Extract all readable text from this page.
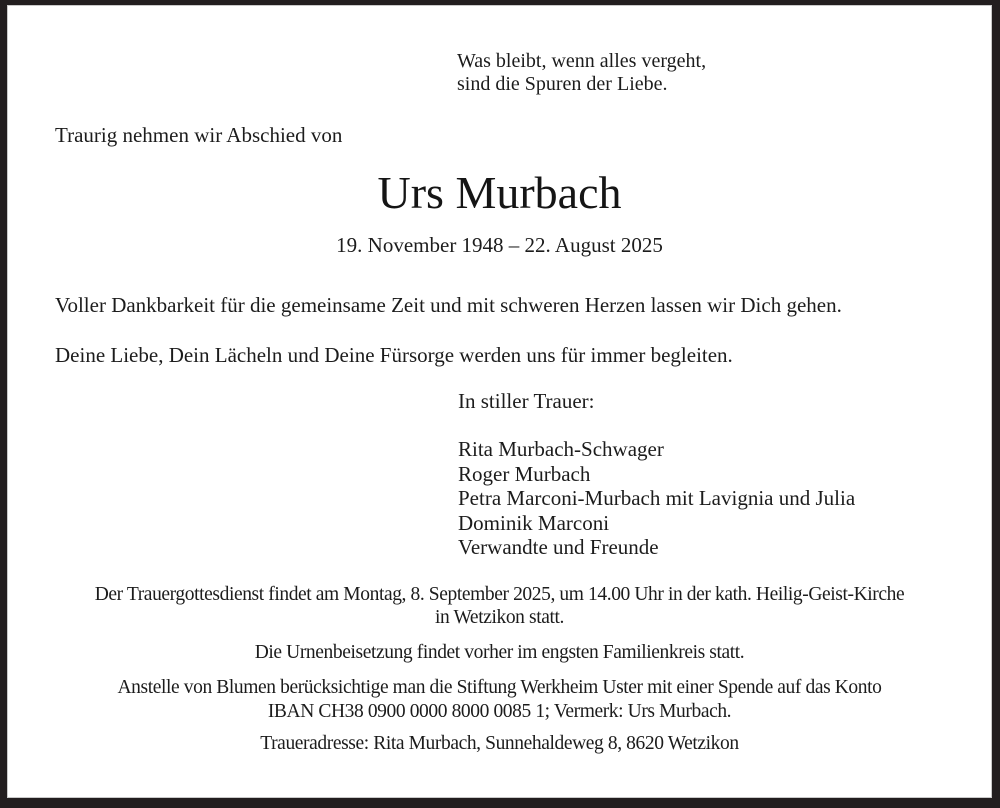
Was bleibt, wenn alles vergeht,
sind die Spuren der Liebe.
Traurig nehmen wir Abschied von
Urs Murbach
19. November 1948 – 22. August 2025
Voller Dankbarkeit für die gemeinsame Zeit und mit schweren Herzen lassen wir Dich gehen.
Deine Liebe, Dein Lächeln und Deine Fürsorge werden uns für immer begleiten.
In stiller Trauer:
Rita Murbach-Schwager
Roger Murbach
Petra Marconi-Murbach mit Lavignia und Julia
Dominik Marconi
Verwandte und Freunde
Der Trauergottesdienst findet am Montag, 8. September 2025, um 14.00 Uhr in der kath. Heilig-Geist-Kirche
in Wetzikon statt.
Die Urnenbeisetzung findet vorher im engsten Familienkreis statt.
Anstelle von Blumen berücksichtige man die Stiftung Werkheim Uster mit einer Spende auf das Konto
IBAN CH38 0900 0000 8000 0085 1; Vermerk: Urs Murbach.
Traueradresse: Rita Murbach, Sunnehaldeweg 8, 8620 Wetzikon
